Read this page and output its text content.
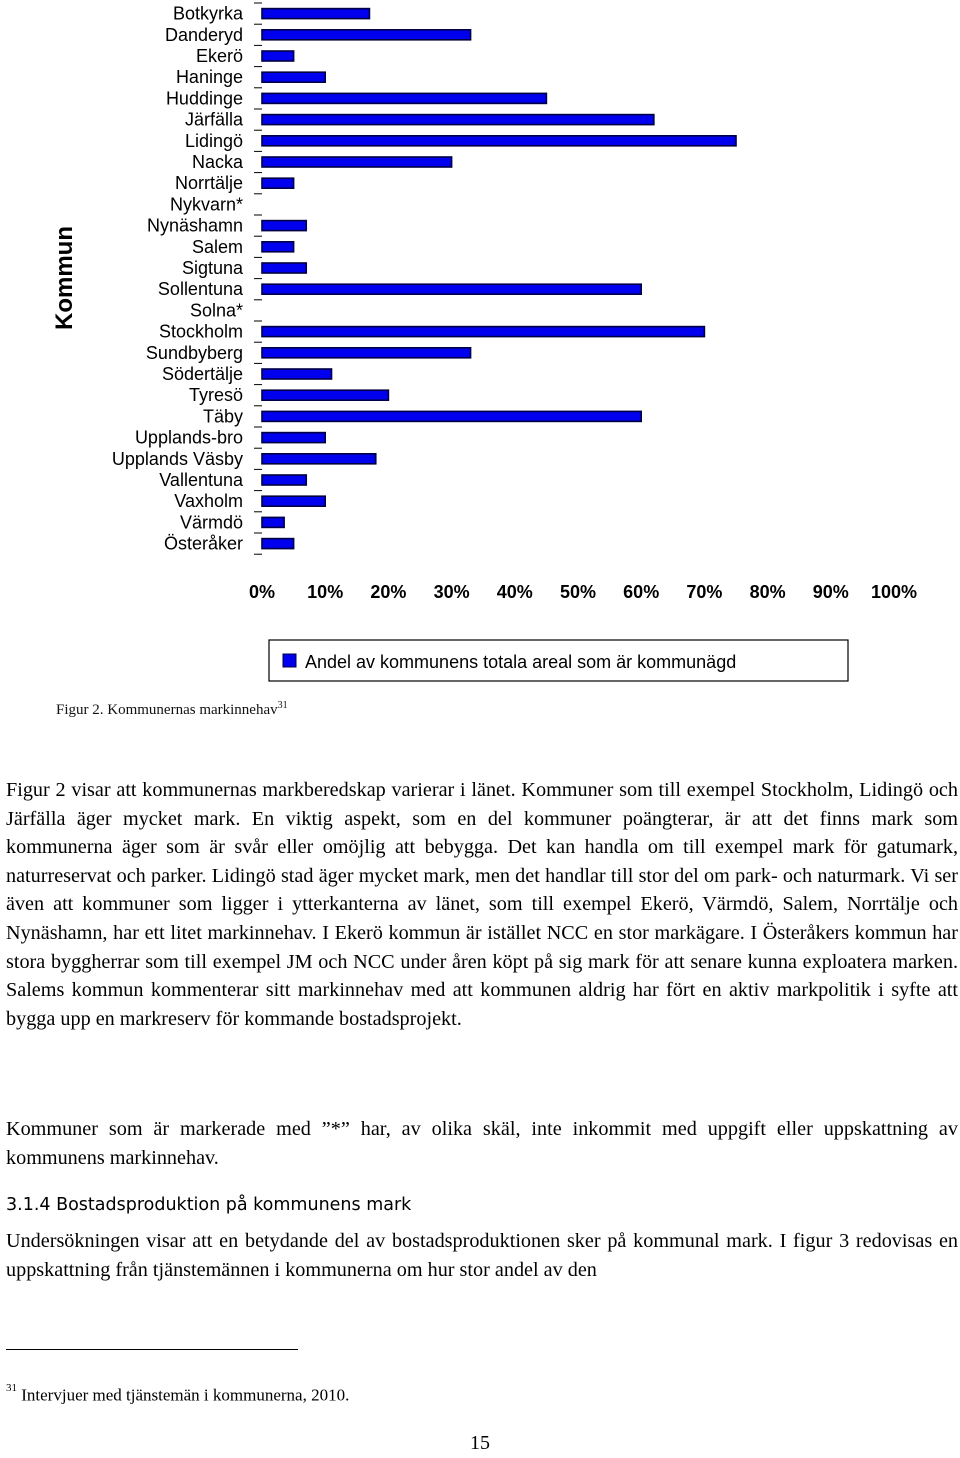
Kommun
Botkyrka
Danderyd
Ekerö
Haninge
Huddinge
Järfälla
Lidingö
Nacka
Norrtälje
Nykvarn*
Nynäshamn
Salem
Sigtuna
Sollentuna
Solna*
Stockholm
Sundbyberg
Södertälje
Tyresö
Täby
Upplands-bro
Upplands Väsby
Vallentuna
Vaxholm
Värmdö
Österåker
0% 10% 20% 30% 40% 50% 60% 70% 80% 90% 100%
Andel av kommunens totala areal som är kommunägd
Figur 2. Kommunernas markinnehav$^{31}$

Figur 2 visar att kommunernas markberedskap varierar i länet. Kommuner som till exempel Stockholm, Lidingö och Järfälla äger mycket mark. En viktig aspekt, som en del kommuner poängterar, är att det finns mark som kommunerna äger som är svår eller omöjlig att bebygga. Det kan handla om till exempel mark för gatumark, naturreservat och parker. Lidingö stad äger mycket mark, men det handlar till stor del om park- och naturmark. Vi ser även att kommuner som ligger i ytterkanterna av länet, som till exempel Ekerö, Värmdö, Salem, Norrtälje och Nynäshamn, har ett litet markinnehav. I Ekerö kommun är istället NCC en stor markägare. I Österåkers kommun har stora byggherrar som till exempel JM och NCC under åren köpt på sig mark för att senare kunna exploatera marken. Salems kommun kommenterar sitt markinnehav med att kommunen aldrig har fört en aktiv markpolitik i syfte att bygga upp en markreserv för kommande bostadsprojekt.

Kommuner som är markerade med ”*” har, av olika skäl, inte inkommit med uppgift eller uppskattning av kommunens markinnehav.

3.1.4 Bostadsproduktion på kommunens mark

Undersökningen visar att en betydande del av bostadsproduktionen sker på kommunal mark. I figur 3 redovisas en uppskattning från tjänstemännen i kommunerna om hur stor andel av den

$^{31}$ Intervjuer med tjänstemän i kommunerna, 2010.
15
